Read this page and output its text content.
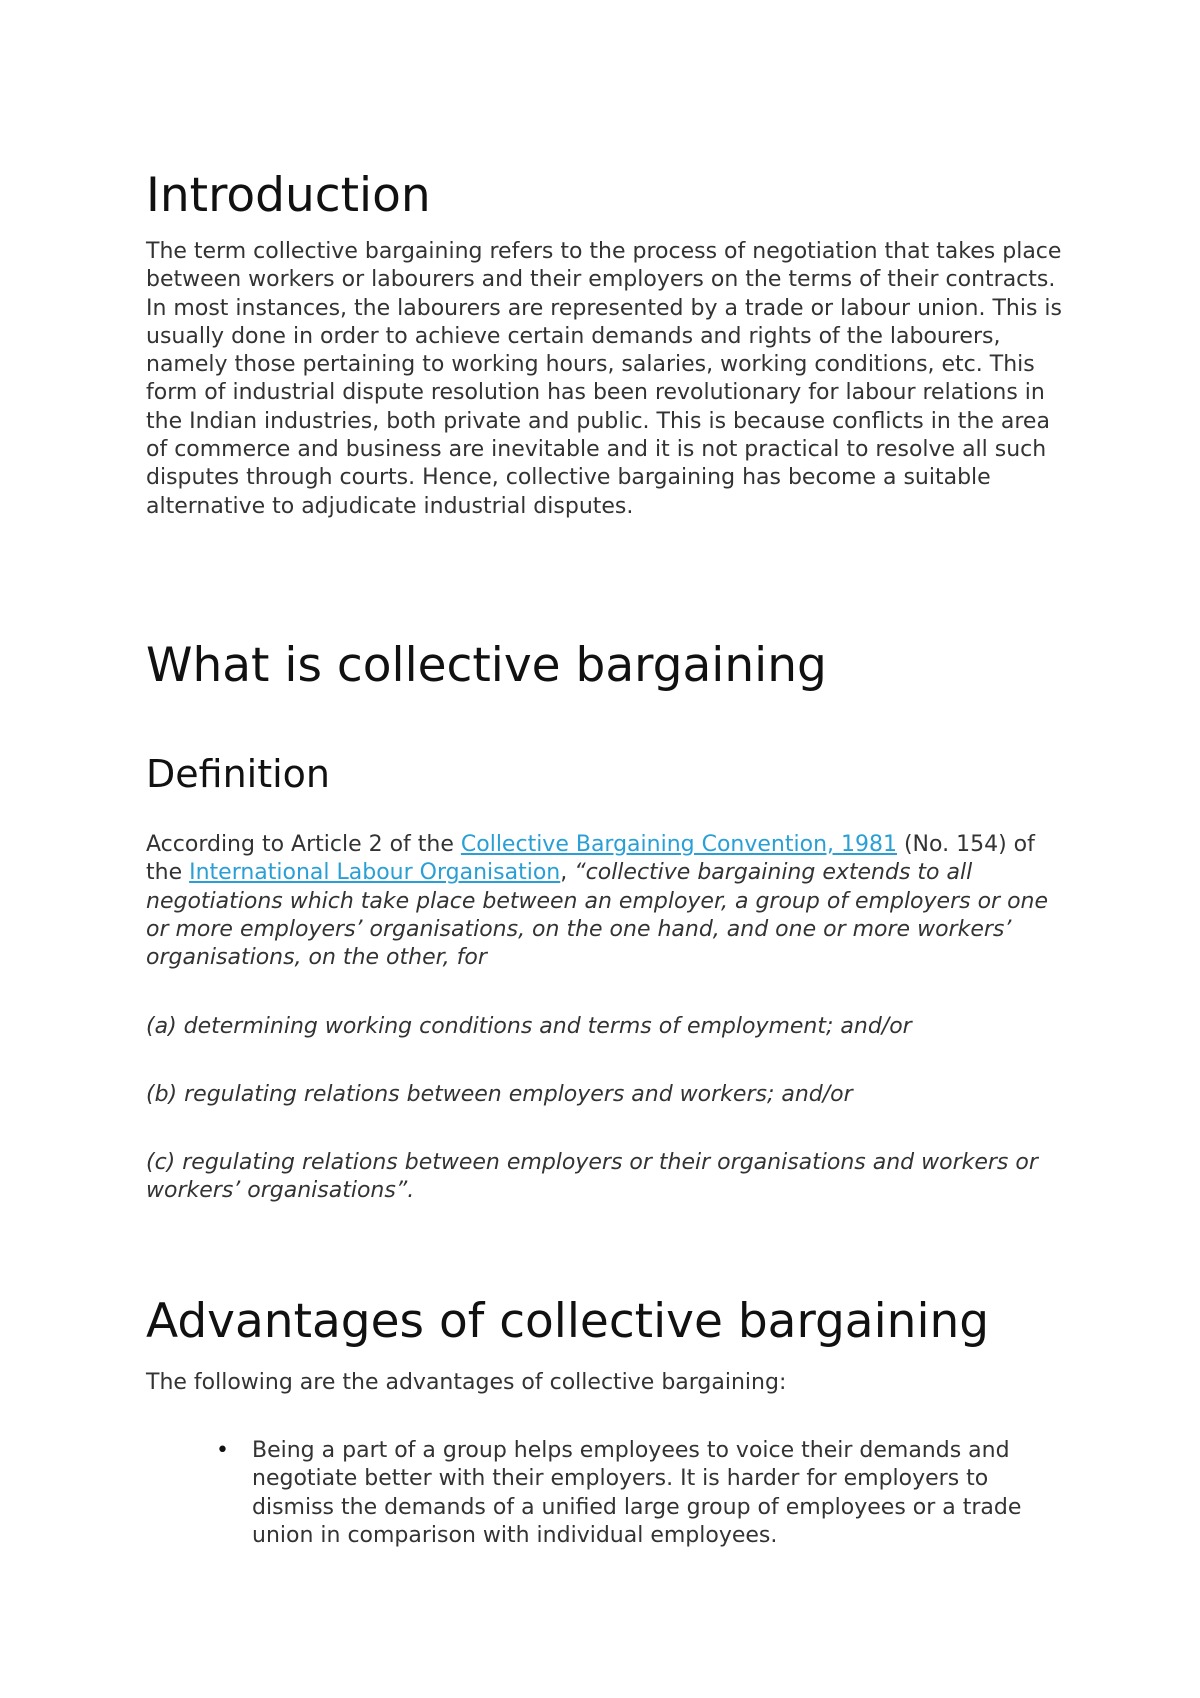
Introduction

The term collective bargaining refers to the process of negotiation that takes place between workers or labourers and their employers on the terms of their contracts. In most instances, the labourers are represented by a trade or labour union. This is usually done in order to achieve certain demands and rights of the labourers, namely those pertaining to working hours, salaries, working conditions, etc. This form of industrial dispute resolution has been revolutionary for labour relations in the Indian industries, both private and public. This is because conflicts in the area of commerce and business are inevitable and it is not practical to resolve all such disputes through courts. Hence, collective bargaining has become a suitable alternative to adjudicate industrial disputes.

What is collective bargaining
Definition

According to Article 2 of the Collective Bargaining Convention, 1981 (No. 154) of the International Labour Organisation, “collective bargaining extends to all negotiations which take place between an employer, a group of employers or one or more employers’ organisations, on the one hand, and one or more workers’ organisations, on the other, for

(a) determining working conditions and terms of employment; and/or

(b) regulating relations between employers and workers; and/or

(c) regulating relations between employers or their organisations and workers or workers’ organisations”.

Advantages of collective bargaining

The following are the advantages of collective bargaining:

•	Being a part of a group helps employees to voice their demands and negotiate better with their employers. It is harder for employers to dismiss the demands of a unified large group of employees or a trade union in comparison with individual employees.
